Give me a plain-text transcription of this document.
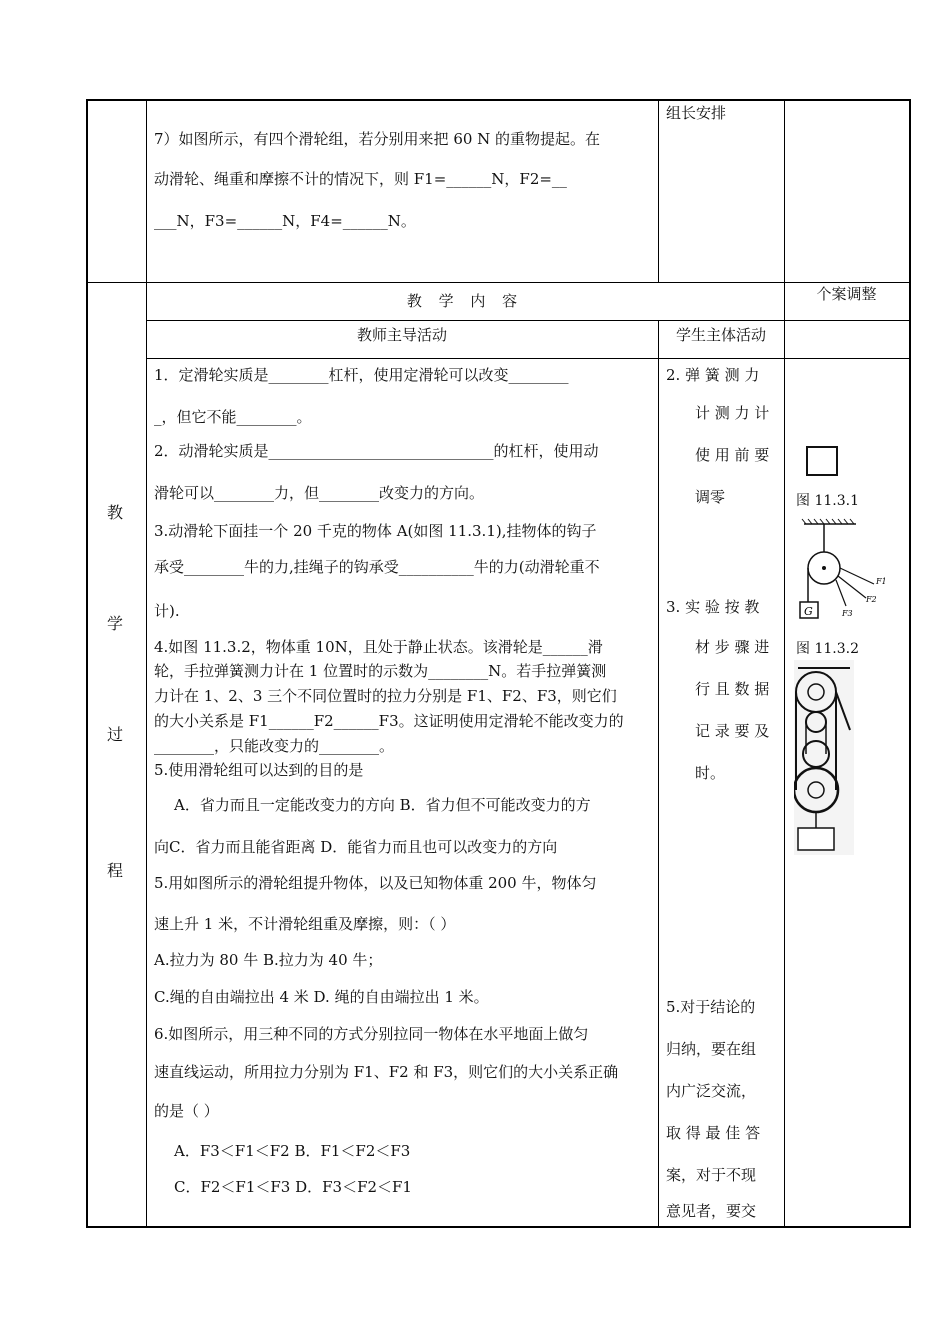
7）如图所示，有四个滑轮组，若分别用来把 60 N 的重物提起。在
动滑轮、绳重和摩擦不计的情况下，则 F1=______N，F2=__
___N，F3=______N，F4=______N。
组长安排
教 学 内 容	个案调整
教师主导活动	学生主体活动
教
学
过
程
1．定滑轮实质是________杠杆，使用定滑轮可以改变________
_，但它不能________。
2．动滑轮实质是______________________________的杠杆，使用动
滑轮可以________力，但________改变力的方向。
3.动滑轮下面挂一个 20 千克的物体 A(如图 11.3.1),挂物体的钩子
承受________牛的力,挂绳子的钩承受__________牛的力(动滑轮重不
计).
4.如图 11.3.2，物体重 10N，且处于静止状态。该滑轮是______滑
轮，手拉弹簧测力计在 1 位置时的示数为________N。若手拉弹簧测
力计在 1、2、3 三个不同位置时的拉力分别是 F1、F2、F3，则它们
的大小关系是 F1______F2______F3。这证明使用定滑轮不能改变力的
________，只能改变力的________。
5.使用滑轮组可以达到的目的是
A．省力而且一定能改变力的方向 B．省力但不可能改变力的方
向C．省力而且能省距离 D．能省力而且也可以改变力的方向
5.用如图所示的滑轮组提升物体，以及已知物体重 200 牛，物体匀
速上升 1 米，不计滑轮组重及摩擦，则：（ ）
A.拉力为 80 牛 B.拉力为 40 牛；
C.绳的自由端拉出 4 米 D. 绳的自由端拉出 1 米。
6.如图所示，用三种不同的方式分别拉同一物体在水平地面上做匀
速直线运动，所用拉力分别为 F1、F2 和 F3，则它们的大小关系正确
的是（ ）
A．F3＜F1＜F2 B．F1＜F2＜F3
C．F2＜F1＜F3 D．F3＜F2＜F1
2. 弹 簧 测 力
计 测 力 计
使 用 前 要
调零
3. 实 验 按 教
材 步 骤 进
行 且 数 据
记 录 要 及
时。
5.对于结论的
归纳，要在组
内广泛交流，
取 得 最 佳 答
案，对于不现
意见者，要交
图 11.3.1
G
F1
F2
F3
图 11.3.2
